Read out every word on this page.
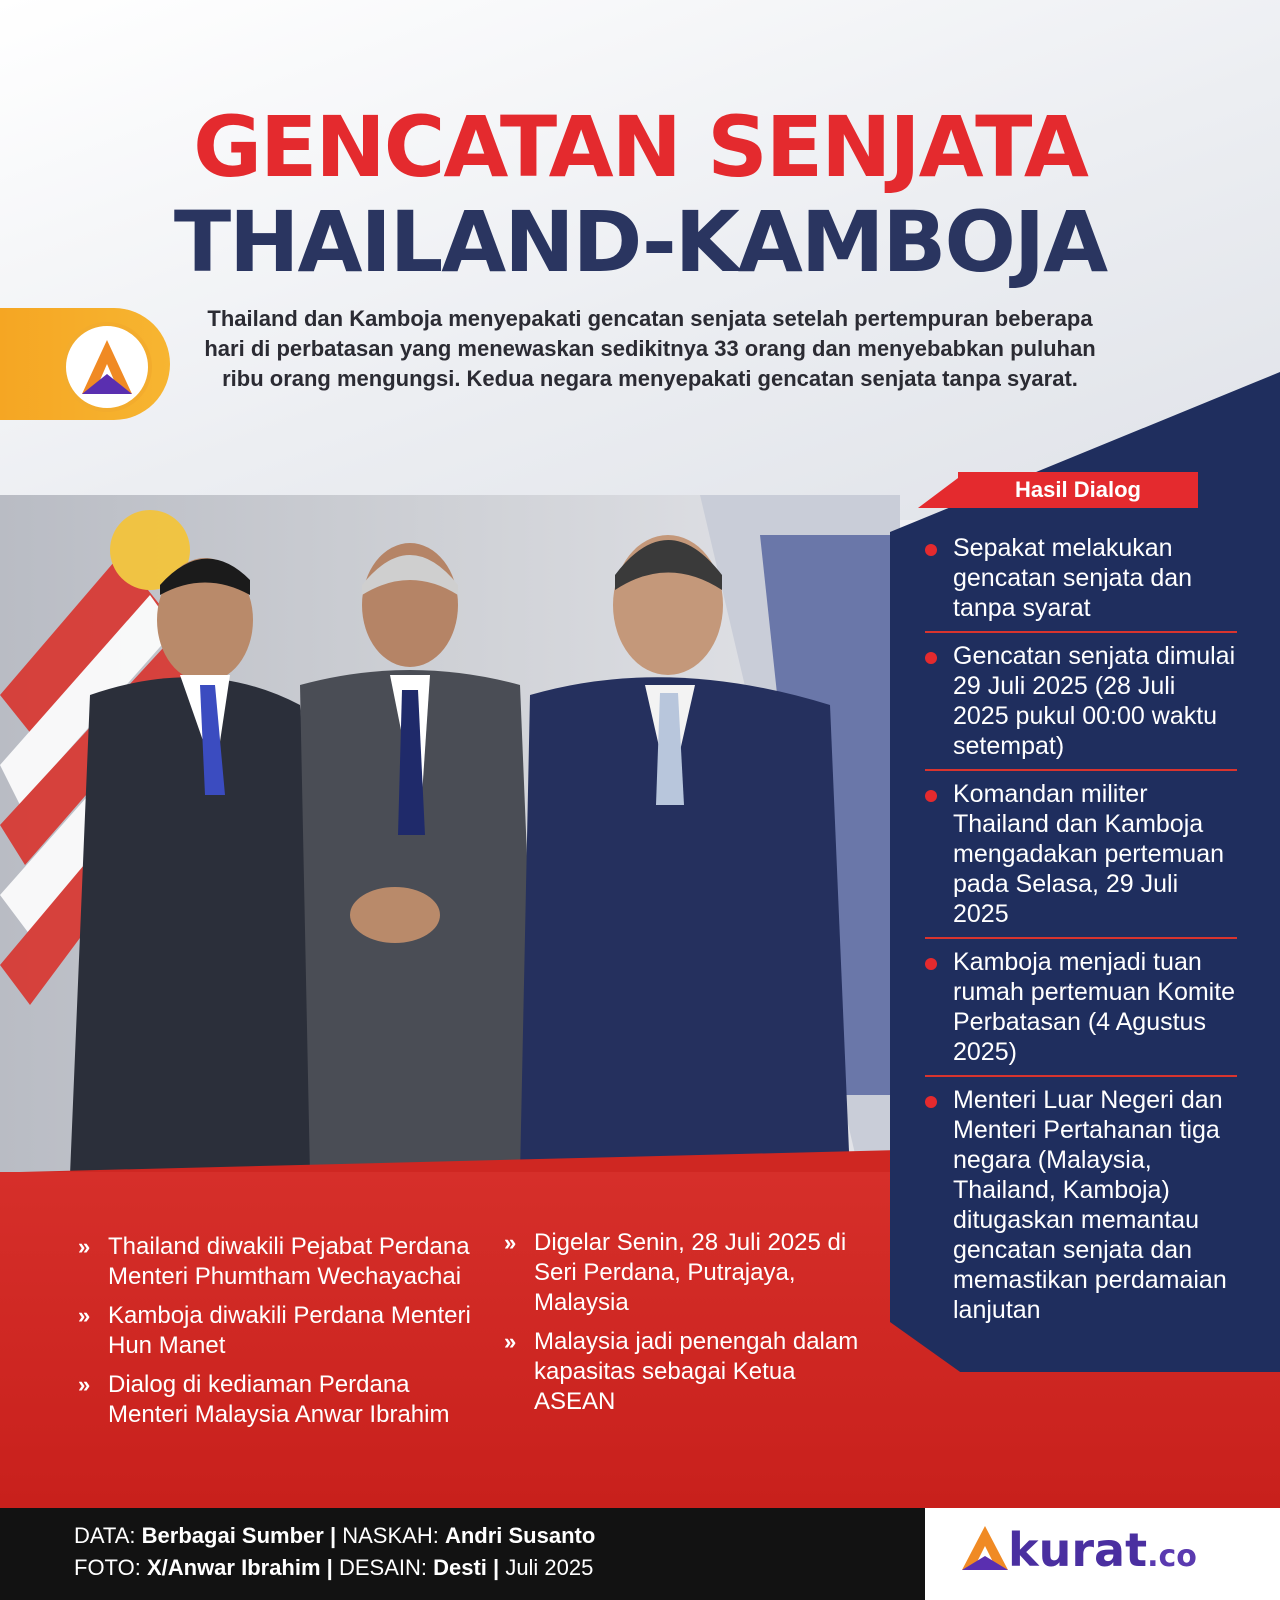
GENCATAN SENJATA
THAILAND-KAMBOJA
Thailand dan Kamboja menyepakati gencatan senjata setelah pertempuran beberapa hari di perbatasan yang menewaskan sedikitnya 33 orang dan menyebabkan puluhan ribu orang mengungsi. Kedua negara menyepakati gencatan senjata tanpa syarat.
Hasil Dialog
Sepakat melakukan gencatan senjata dan tanpa syarat
Gencatan senjata dimulai 29 Juli 2025 (28 Juli 2025 pukul 00:00 waktu setempat)
Komandan militer Thailand dan Kamboja mengadakan pertemuan pada Selasa, 29 Juli 2025
Kamboja menjadi tuan rumah pertemuan Komite Perbatasan (4 Agustus 2025)
Menteri Luar Negeri dan Menteri Pertahanan tiga negara (Malaysia, Thailand, Kamboja) ditugaskan memantau gencatan senjata dan memastikan perdamaian lanjutan
» Thailand diwakili Pejabat Perdana Menteri Phumtham Wechayachai
» Kamboja diwakili Perdana Menteri Hun Manet
» Dialog di kediaman Perdana Menteri Malaysia Anwar Ibrahim
» Digelar Senin, 28 Juli 2025 di Seri Perdana, Putrajaya, Malaysia
» Malaysia jadi penengah dalam kapasitas sebagai Ketua ASEAN
DATA: Berbagai Sumber | NASKAH: Andri Susanto
FOTO: X/Anwar Ibrahim | DESAIN: Desti | Juli 2025	kurat.co
